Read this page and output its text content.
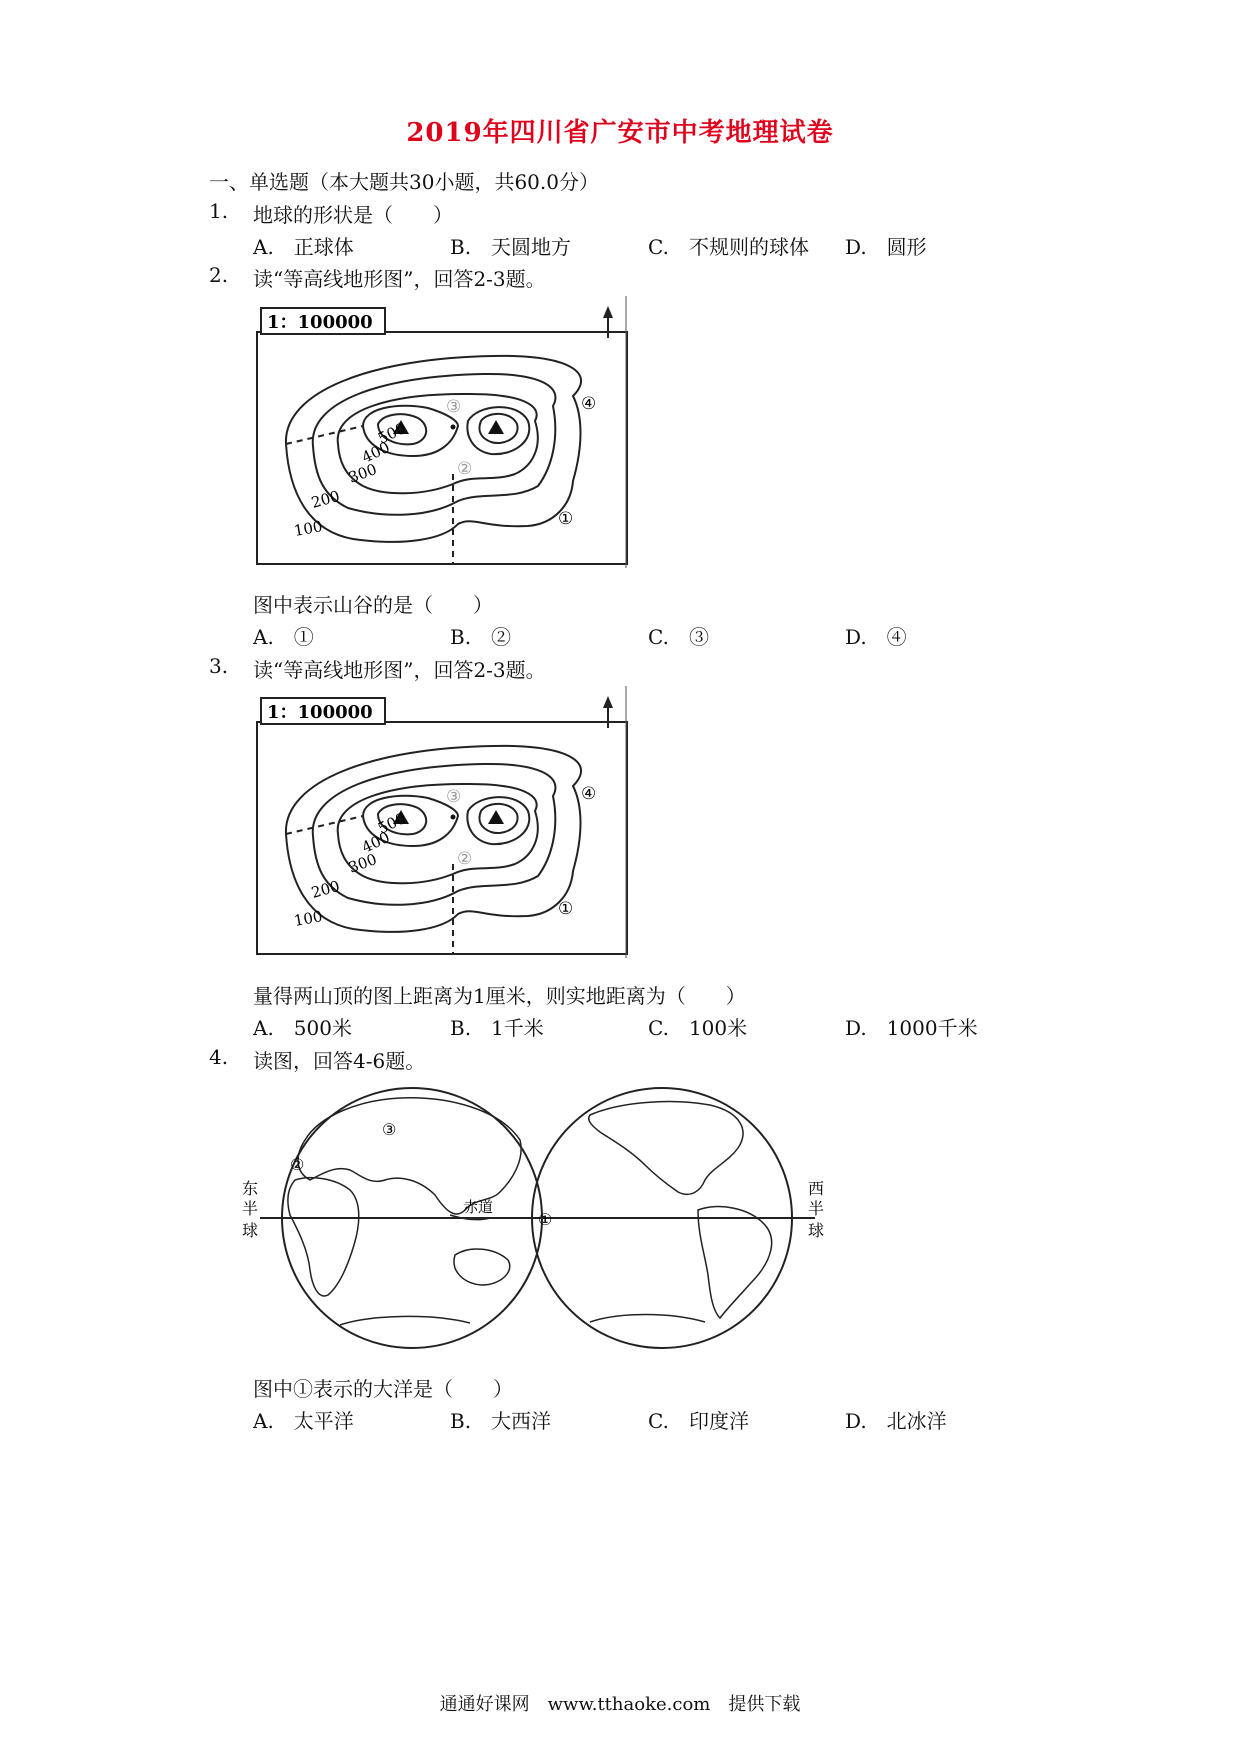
2019年四川省广安市中考地理试卷
一、单选题（本大题共30小题，共60.0分）
1. 地球的形状是（　　）
A.　正球体	B.　天圆地方	C.　不规则的球体 D.　圆形
2. 读“等高线地形图”，回答2-3题。
1：100000
500
400
300
200
100	①
②
③	④
图中表示山谷的是（　　）
A.　①	B.　②	C.　③	D.　④
3. 读“等高线地形图”，回答2-3题。
1：100000
500
400
300
200
100	①
②
③	④
量得两山顶的图上距离为1厘米，则实地距离为（　　）
A.　500米	B.　1千米	C.　100米	D.　1000千米
4. 读图，回答4-6题。
①
②
③
赤道
东
半
球
西
半
球
图中①表示的大洋是（　　）
A.　太平洋	B.　大西洋	C.　印度洋	D.　北冰洋
通通好课网　www.tthaoke.com　提供下载
